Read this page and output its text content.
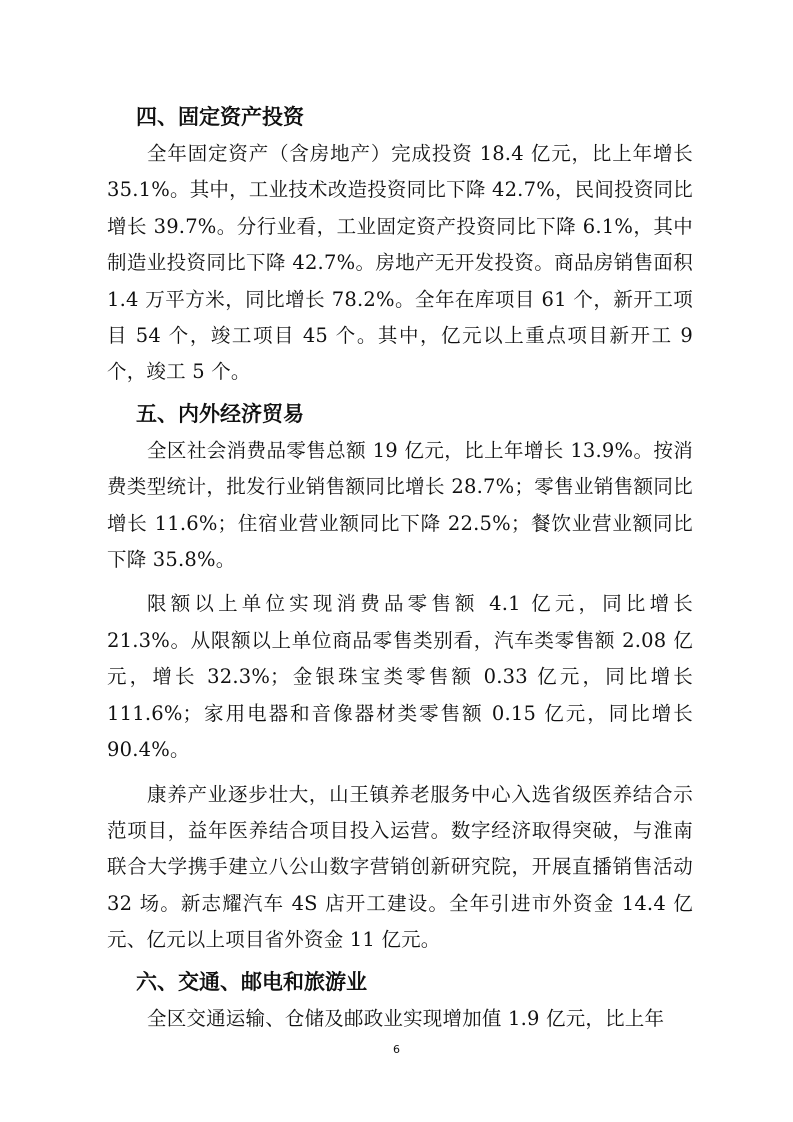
四、固定资产投资

全年固定资产（含房地产）完成投资 18.4 亿元，比上年增长 35.1%。其中，工业技术改造投资同比下降 42.7%，民间投资同比增长 39.7%。分行业看，工业固定资产投资同比下降 6.1%，其中制造业投资同比下降 42.7%。房地产无开发投资。商品房销售面积 1.4 万平方米，同比增长 78.2%。全年在库项目 61 个，新开工项目 54 个，竣工项目 45 个。其中，亿元以上重点项目新开工 9 个，竣工 5 个。

五、内外经济贸易

全区社会消费品零售总额 19 亿元，比上年增长 13.9%。按消费类型统计，批发行业销售额同比增长 28.7%；零售业销售额同比增长 11.6%；住宿业营业额同比下降 22.5%；餐饮业营业额同比下降 35.8%。

限额以上单位实现消费品零售额 4.1 亿元，同比增长 21.3%。从限额以上单位商品零售类别看，汽车类零售额 2.08 亿元，增长 32.3%；金银珠宝类零售额 0.33 亿元，同比增长 111.6%；家用电器和音像器材类零售额 0.15 亿元，同比增长 90.4%。

康养产业逐步壮大，山王镇养老服务中心入选省级医养结合示范项目，益年医养结合项目投入运营。数字经济取得突破，与淮南联合大学携手建立八公山数字营销创新研究院，开展直播销售活动 32 场。新志耀汽车 4S 店开工建设。全年引进市外资金 14.4 亿元、亿元以上项目省外资金 11 亿元。

六、交通、邮电和旅游业

全区交通运输、仓储及邮政业实现增加值 1.9 亿元，比上年

6
